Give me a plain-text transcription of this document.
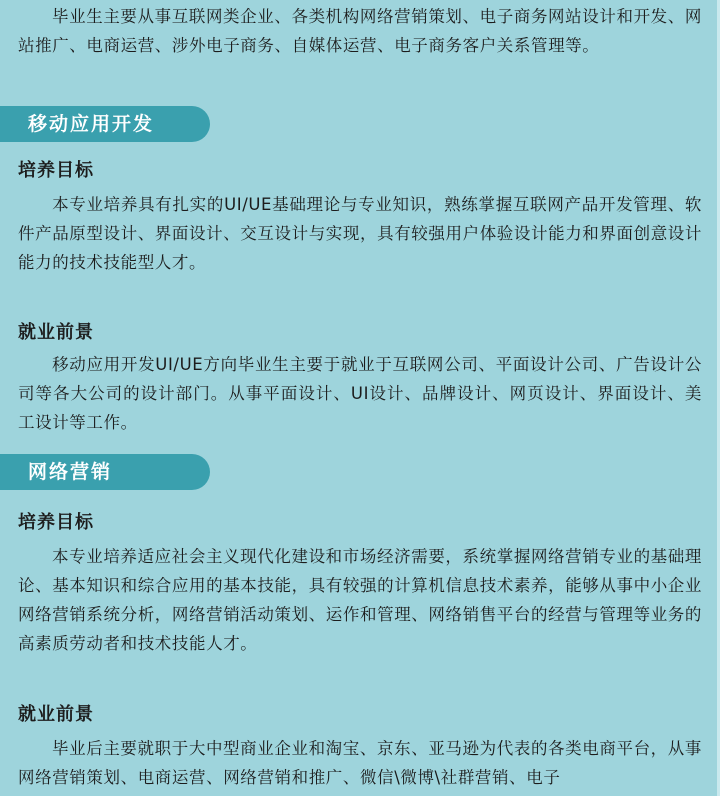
毕业生主要从事互联网类企业、各类机构网络营销策划、电子商务网站设计和开发、网站推广、电商运营、涉外电子商务、自媒体运营、电子商务客户关系管理等。

移动应用开发

培养目标

本专业培养具有扎实的UI/UE基础理论与专业知识，熟练掌握互联网产品开发管理、软件产品原型设计、界面设计、交互设计与实现，具有较强用户体验设计能力和界面创意设计能力的技术技能型人才。

就业前景

移动应用开发UI/UE方向毕业生主要于就业于互联网公司、平面设计公司、广告设计公司等各大公司的设计部门。从事平面设计、UI设计、品牌设计、网页设计、界面设计、美工设计等工作。

网络营销

培养目标

本专业培养适应社会主义现代化建设和市场经济需要，系统掌握网络营销专业的基础理论、基本知识和综合应用的基本技能，具有较强的计算机信息技术素养，能够从事中小企业网络营销系统分析，网络营销活动策划、运作和管理、网络销售平台的经营与管理等业务的高素质劳动者和技术技能人才。

就业前景

毕业后主要就职于大中型商业企业和淘宝、京东、亚马逊为代表的各类电商平台，从事网络营销策划、电商运营、网络营销和推广、微信\微博\社群营销、电子
